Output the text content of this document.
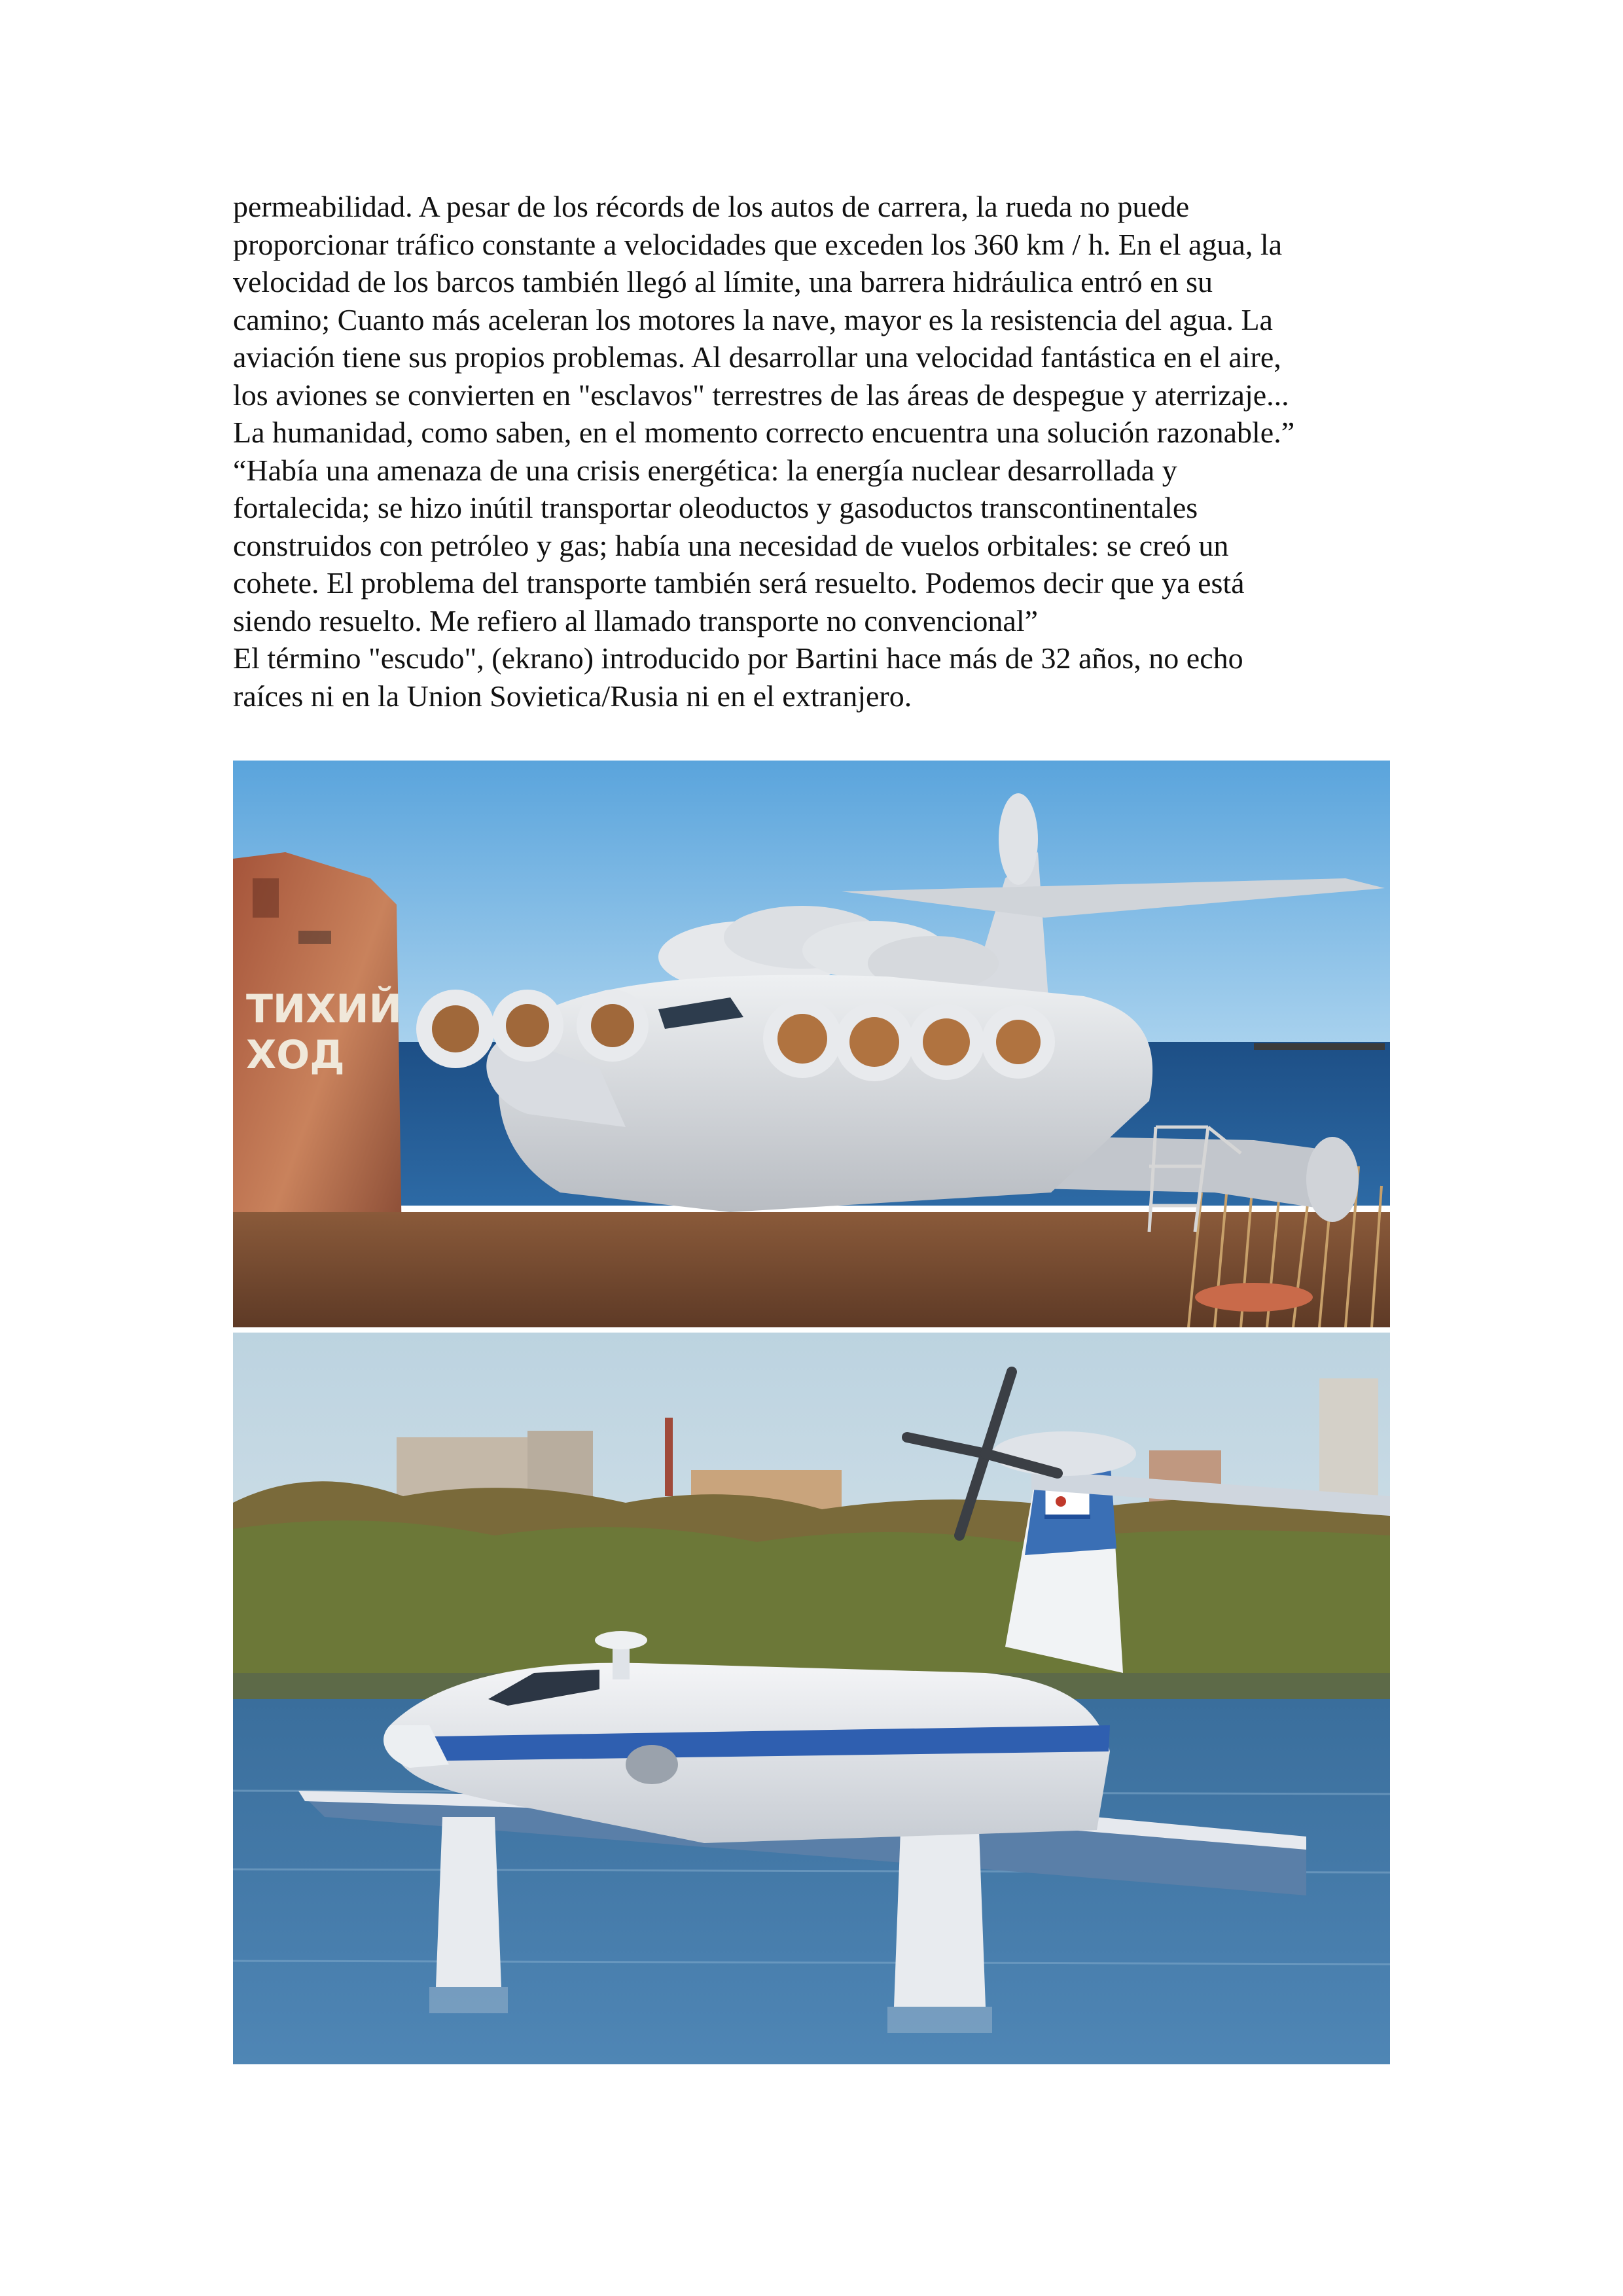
permeabilidad. A pesar de los récords de los autos de carrera, la rueda no puede
proporcionar tráfico constante a velocidades que exceden los 360 km / h. En el agua, la
velocidad de los barcos también llegó al límite, una barrera hidráulica entró en su
camino; Cuanto más aceleran los motores la nave, mayor es la resistencia del agua. La
aviación tiene sus propios problemas. Al desarrollar una velocidad fantástica en el aire,
los aviones se convierten en "esclavos" terrestres de las áreas de despegue y aterrizaje...
La humanidad, como saben, en el momento correcto encuentra una solución razonable.”
“Había una amenaza de una crisis energética: la energía nuclear desarrollada y
fortalecida; se hizo inútil transportar oleoductos y gasoductos transcontinentales
construidos con petróleo y gas; había una necesidad de vuelos orbitales: se creó un
cohete. El problema del transporte también será resuelto. Podemos decir que ya está
siendo resuelto. Me refiero al llamado transporte no convencional”
El término "escudo", (ekrano) introducido por Bartini hace más de 32 años, no echo
raíces ni en la Union Sovietica/Rusia ni en el extranjero.
ТИХИЙ
ХОД
